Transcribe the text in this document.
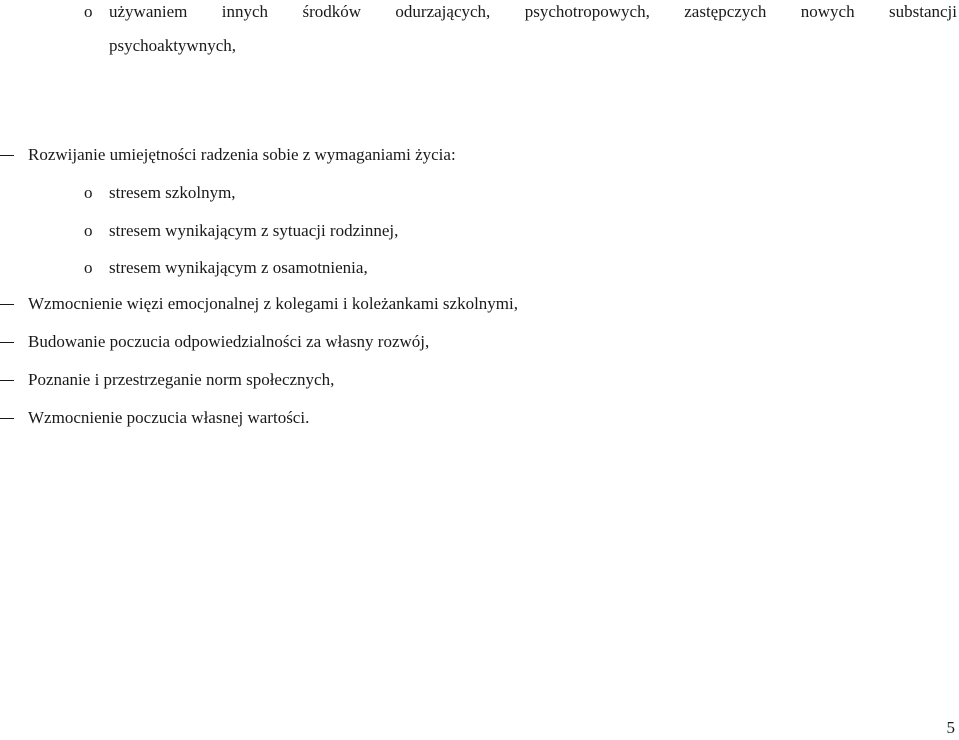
o używaniem innych środków odurzających, psychotropowych, zastępczych nowych substancji
psychoaktywnych,
Rozwijanie umiejętności radzenia sobie z wymaganiami życia:
o stresem szkolnym,
o stresem wynikającym z sytuacji rodzinnej,
o stresem wynikającym z osamotnienia,
Wzmocnienie więzi emocjonalnej z kolegami i koleżankami szkolnymi,
Budowanie poczucia odpowiedzialności za własny rozwój,
Poznanie i przestrzeganie norm społecznych,
Wzmocnienie poczucia własnej wartości.
5
